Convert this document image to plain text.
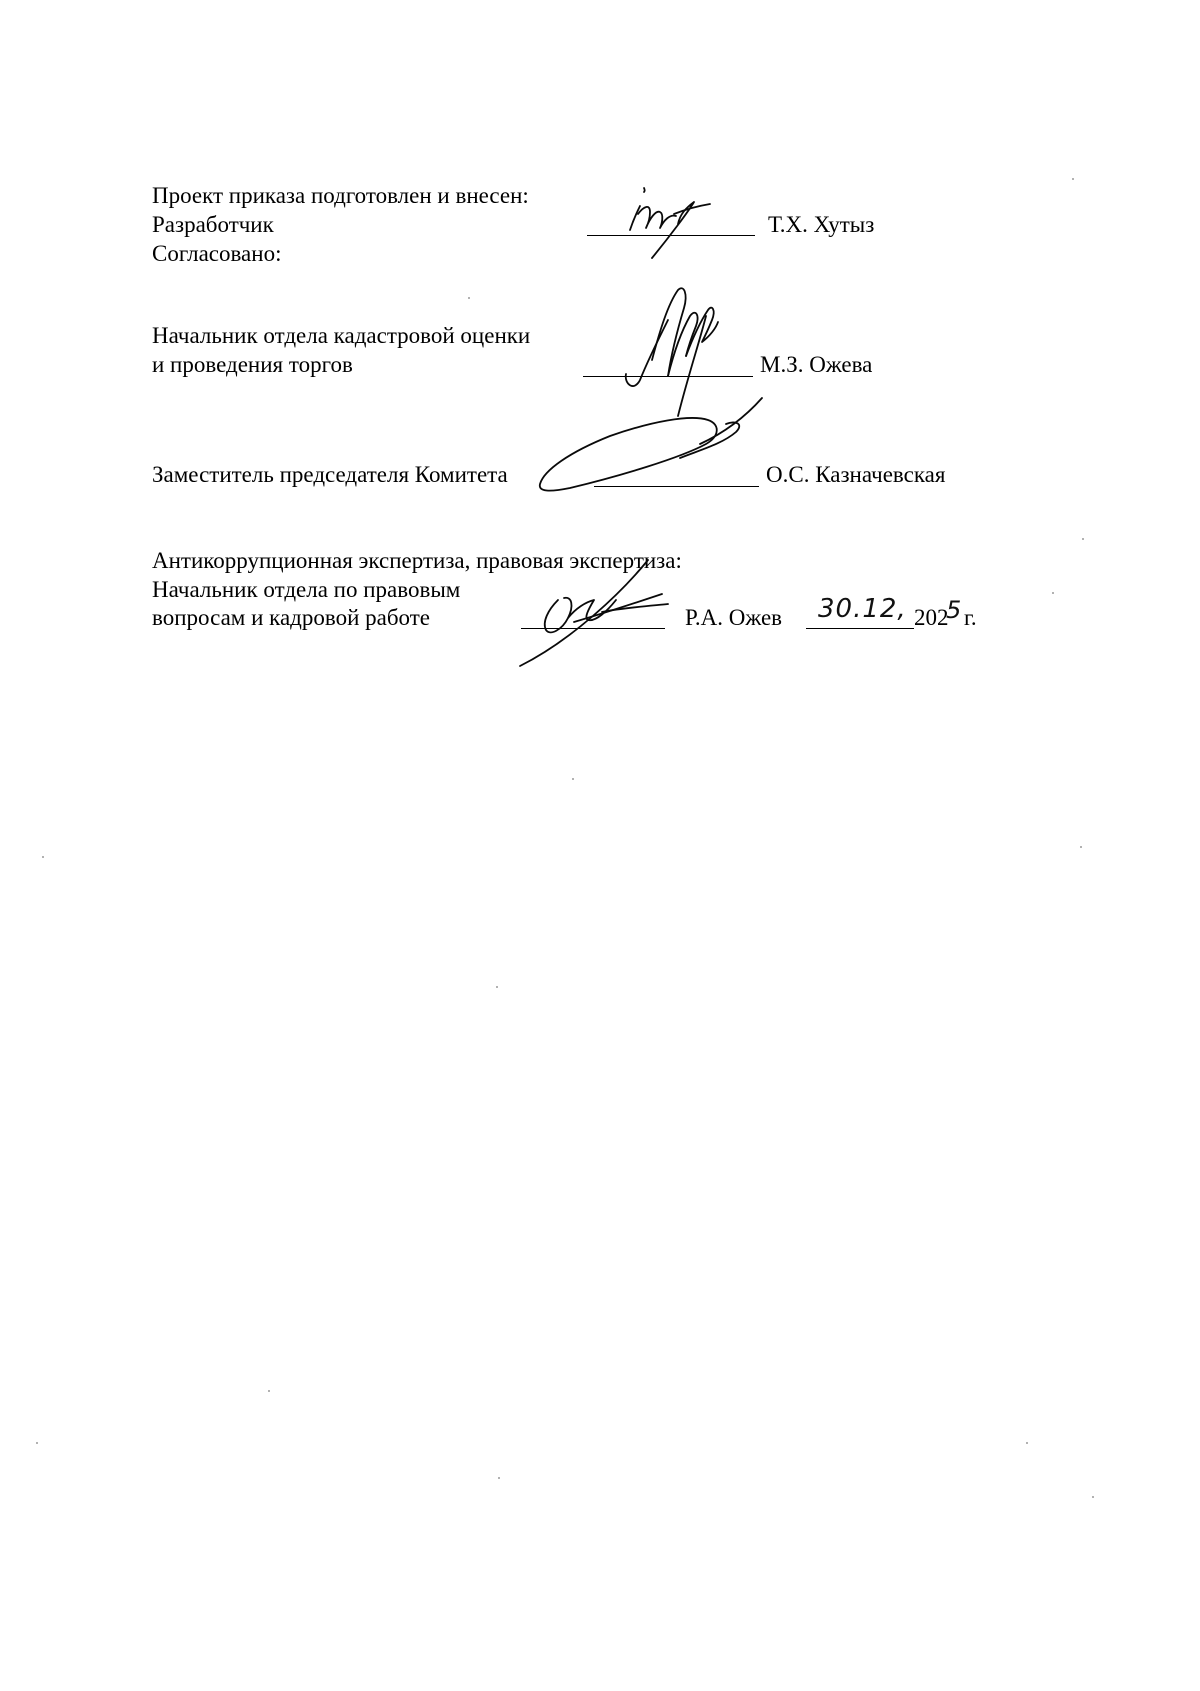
Проект приказа подготовлен и внесен:
Разработчик	Т.Х. Хутыз
Согласовано:
Начальник отдела кадастровой оценки
и проведения торгов	М.З. Ожева
Заместитель председателя Комитета	О.С. Казначевская
Антикоррупционная экспертиза, правовая экспертиза:
Начальник отдела по правовым
вопросам и кадровой работе	Р.А. Ожев 30.12, 202
5 г.
